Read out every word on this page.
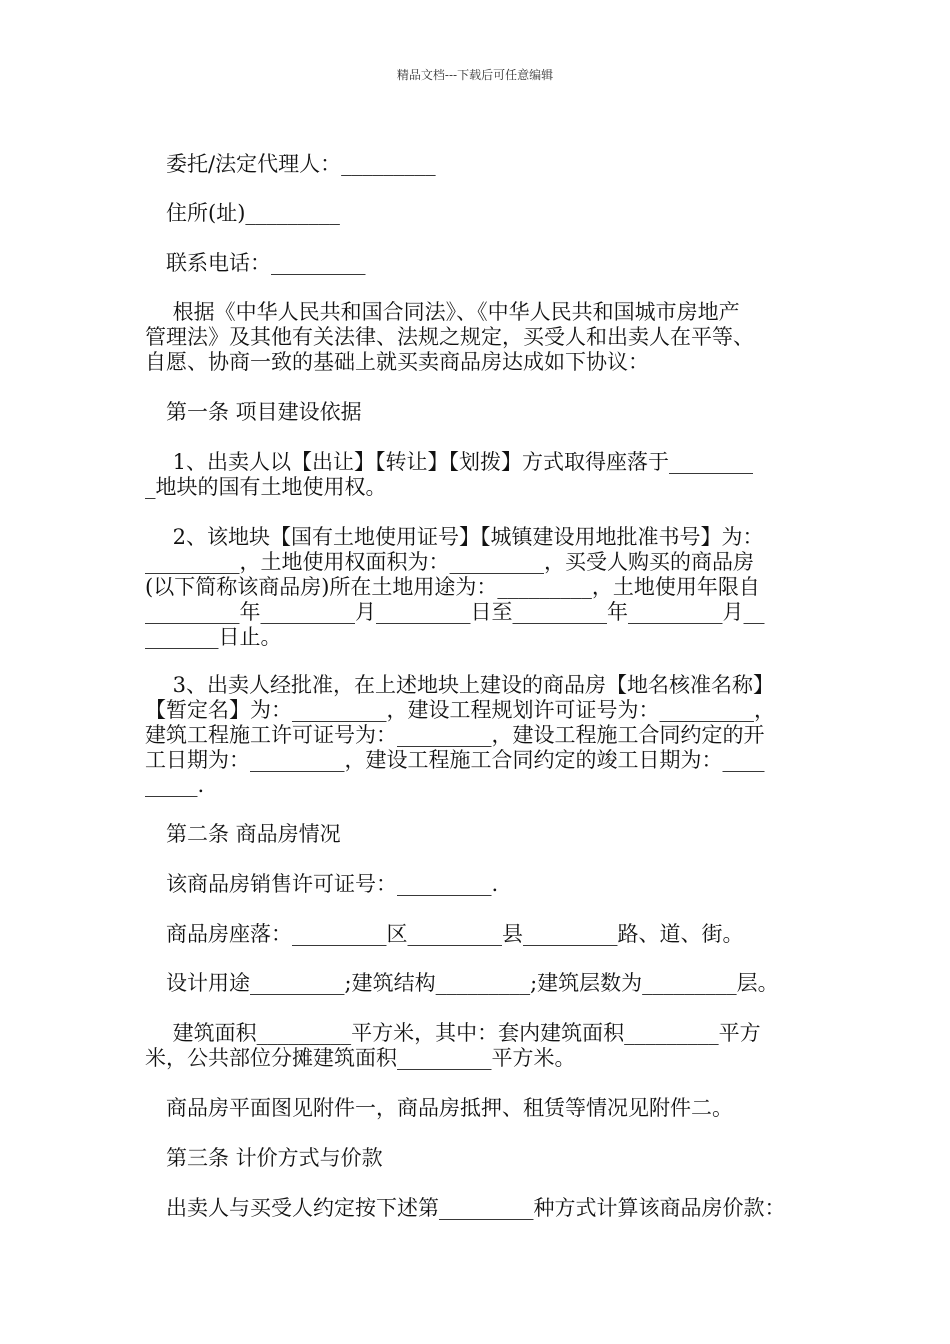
精品文档---下载后可任意编辑
　委托/法定代理人：_________
　住所(址)_________
　联系电话：_________
　 根据《中华人民共和国合同法》、《中华人民共和国城市房地产
管理法》及其他有关法律、法规之规定，买受人和出卖人在平等、
自愿、协商一致的基础上就买卖商品房达成如下协议：
　第一条 项目建设依据
　 1、出卖人以【出让】【转让】【划拨】方式取得座落于________
_地块的国有土地使用权。
　 2、该地块【国有土地使用证号】【城镇建设用地批准书号】为：
_________，土地使用权面积为：_________，买受人购买的商品房
(以下简称该商品房)所在土地用途为：_________，土地使用年限自
_________年_________月_________日至_________年_________月__
_______日止。
　 3、出卖人经批准，在上述地块上建设的商品房【地名核准名称】
【暂定名】为：_________，建设工程规划许可证号为：_________，
建筑工程施工许可证号为：_________，建设工程施工合同约定的开
工日期为：_________，建设工程施工合同约定的竣工日期为：____
_____.
　第二条 商品房情况
　该商品房销售许可证号：_________.
　商品房座落：_________区_________县_________路、道、街。
　设计用途_________;建筑结构_________;建筑层数为_________层。
　 建筑面积_________平方米，其中：套内建筑面积_________平方
米，公共部位分摊建筑面积_________平方米。
　商品房平面图见附件一，商品房抵押、租赁等情况见附件二。
　第三条 计价方式与价款
　出卖人与买受人约定按下述第_________种方式计算该商品房价款：
